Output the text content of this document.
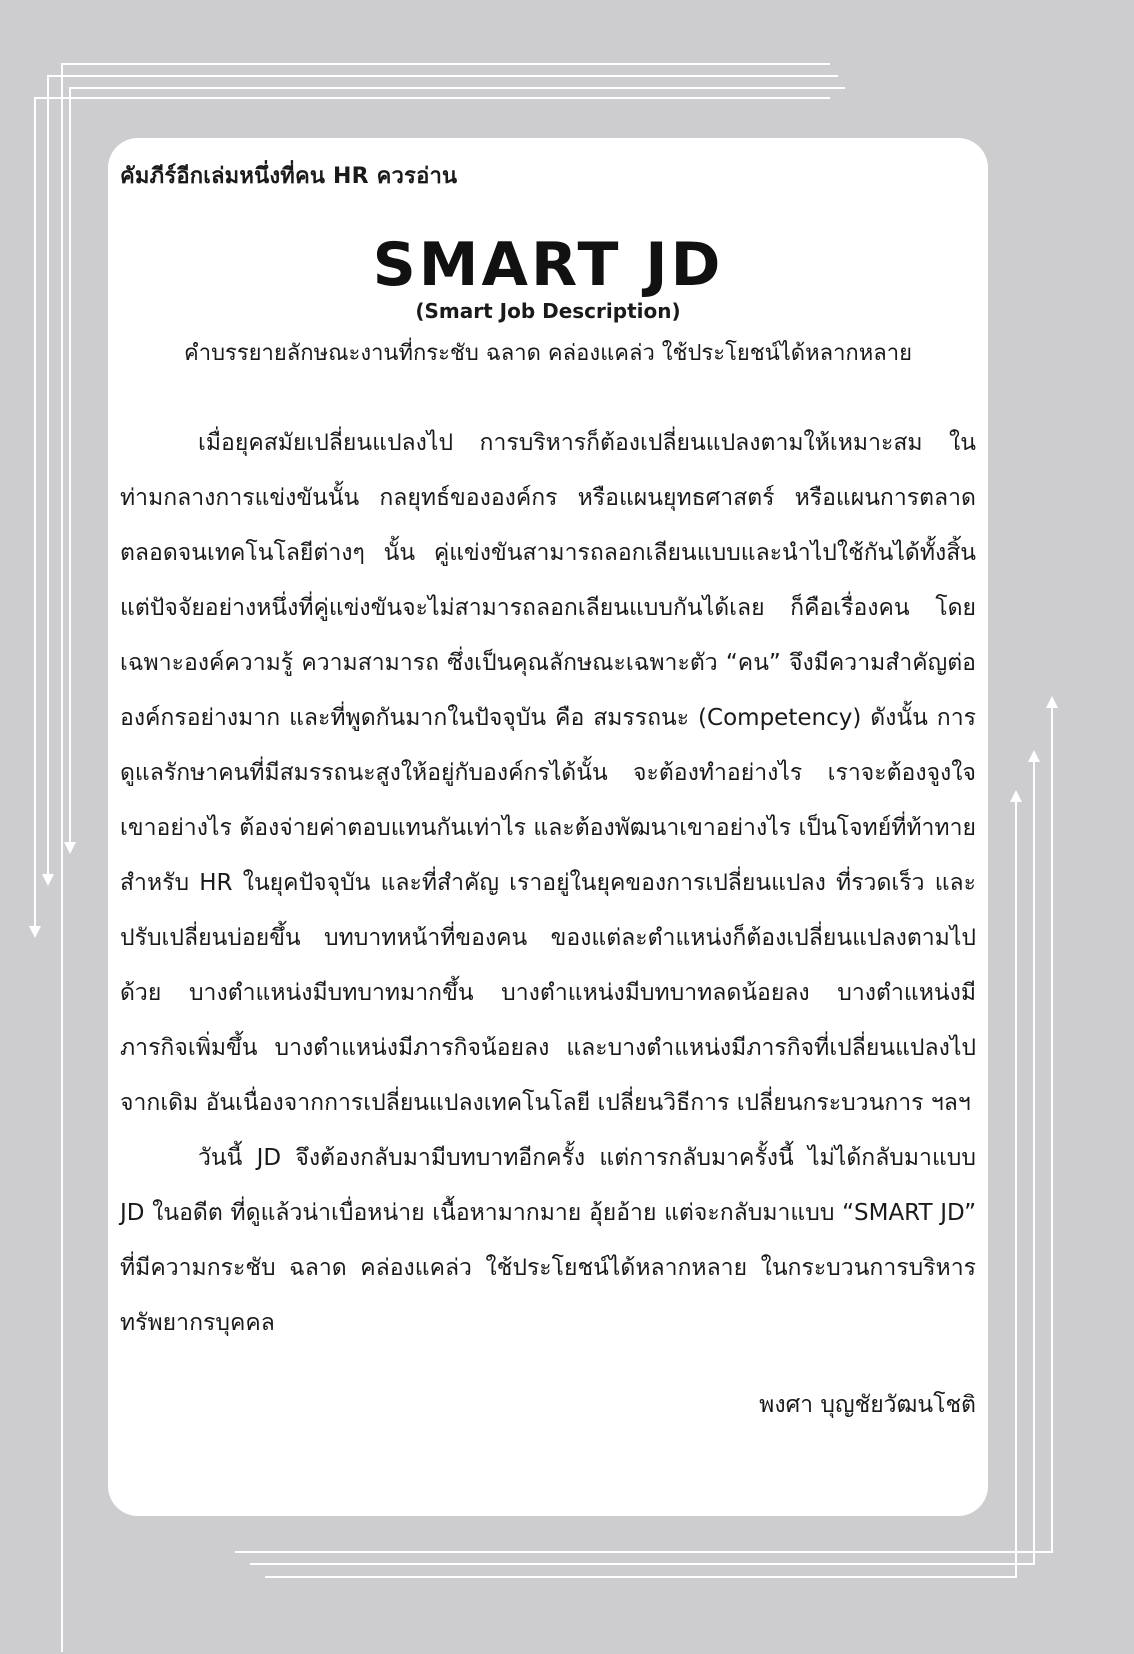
คัมภีร์อีกเล่มหนึ่งที่คน HR ควรอ่าน

SMART JD
(Smart Job Description)
คำบรรยายลักษณะงานที่กระชับ ฉลาด คล่องแคล่ว ใช้ประโยชน์ได้หลากหลาย

เมื่อยุคสมัยเปลี่ยนแปลงไป การบริหารก็ต้องเปลี่ยนแปลงตามให้เหมาะสม ในท่ามกลางการแข่งขันนั้น กลยุทธ์ขององค์กร หรือแผนยุทธศาสตร์ หรือแผนการตลาด ตลอดจนเทคโนโลยีต่างๆ นั้น คู่แข่งขันสามารถลอกเลียนแบบและนำไปใช้กันได้ทั้งสิ้น แต่ปัจจัยอย่างหนึ่งที่คู่แข่งขันจะไม่สามารถลอกเลียนแบบกันได้เลย ก็คือเรื่องคน โดยเฉพาะองค์ความรู้ ความสามารถ ซึ่งเป็นคุณลักษณะเฉพาะตัว “คน” จึงมีความสำคัญต่อองค์กรอย่างมาก และที่พูดกันมากในปัจจุบัน คือ สมรรถนะ (Competency) ดังนั้น การดูแลรักษาคนที่มีสมรรถนะสูงให้อยู่กับองค์กรได้นั้น จะต้องทำอย่างไร เราจะต้องจูงใจเขาอย่างไร ต้องจ่ายค่าตอบแทนกันเท่าไร และต้องพัฒนาเขาอย่างไร เป็นโจทย์ที่ท้าทายสำหรับ HR ในยุคปัจจุบัน และที่สำคัญ เราอยู่ในยุคของการเปลี่ยนแปลง ที่รวดเร็ว และปรับเปลี่ยนบ่อยขึ้น บทบาทหน้าที่ของคน ของแต่ละตำแหน่งก็ต้องเปลี่ยนแปลงตามไปด้วย บางตำแหน่งมีบทบาทมากขึ้น บางตำแหน่งมีบทบาทลดน้อยลง บางตำแหน่งมีภารกิจเพิ่มขึ้น บางตำแหน่งมีภารกิจน้อยลง และบางตำแหน่งมีภารกิจที่เปลี่ยนแปลงไปจากเดิม อันเนื่องจากการเปลี่ยนแปลงเทคโนโลยี เปลี่ยนวิธีการ เปลี่ยนกระบวนการ ฯลฯ

วันนี้ JD จึงต้องกลับมามีบทบาทอีกครั้ง แต่การกลับมาครั้งนี้ ไม่ได้กลับมาแบบ JD ในอดีต ที่ดูแล้วน่าเบื่อหน่าย เนื้อหามากมาย อุ้ยอ้าย แต่จะกลับมาแบบ “SMART JD” ที่มีความกระชับ ฉลาด คล่องแคล่ว ใช้ประโยชน์ได้หลากหลาย ในกระบวนการบริหารทรัพยากรบุคคล

พงศา บุญชัยวัฒนโชติ
